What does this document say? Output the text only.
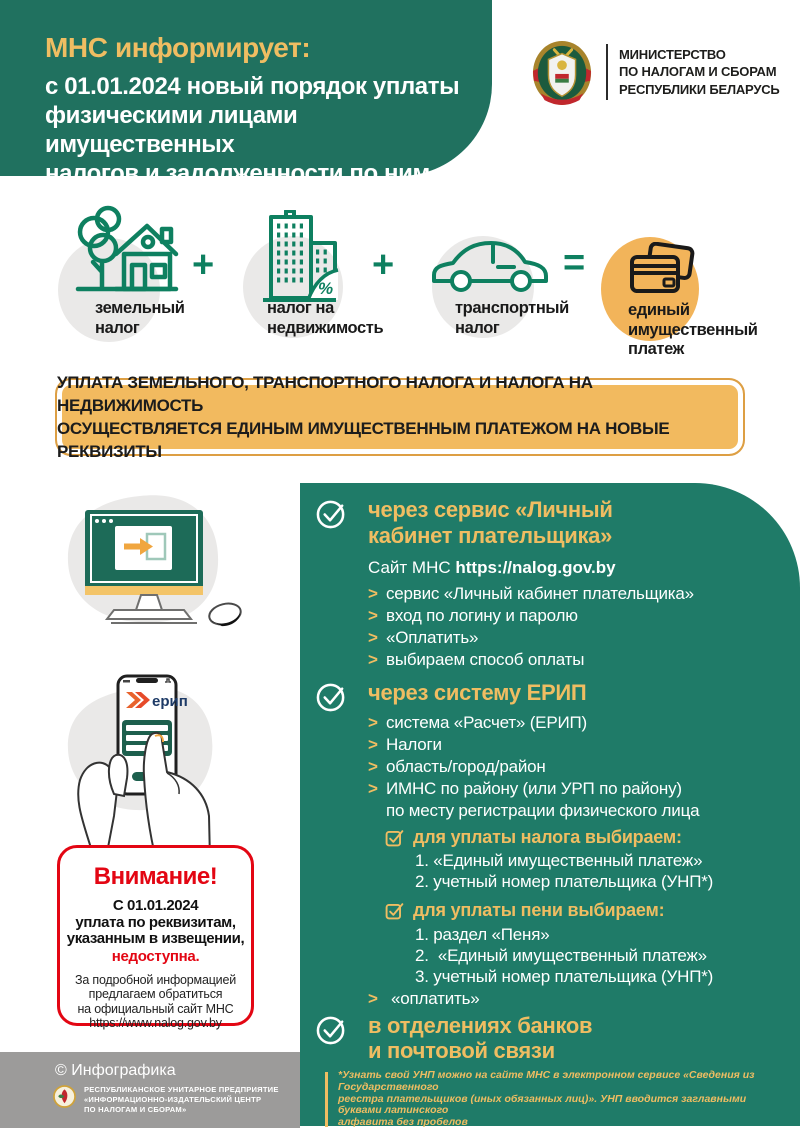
МНС информирует:
с 01.01.2024 новый порядок уплаты
физическими лицами имущественных
налогов и задолженности по ним
МИНИСТЕРСТВО
ПО НАЛОГАМ И СБОРАМ
РЕСПУБЛИКИ БЕЛАРУСЬ
%
земельный
налог
налог на
недвижимость
транспортный
налог
единый
имущественный
платеж
+	+	=
УПЛАТА ЗЕМЕЛЬНОГО, ТРАНСПОРТНОГО НАЛОГА И НАЛОГА НА НЕДВИЖИМОСТЬ
ОСУЩЕСТВЛЯЕТСЯ ЕДИНЫМ ИМУЩЕСТВЕННЫМ ПЛАТЕЖОМ НА НОВЫЕ РЕКВИЗИТЫ
ерип
Внимание!
С 01.01.2024
уплата по реквизитам,
указанным в извещении,
недоступна.
За подробной информацией
предлагаем обратиться
на официальный сайт МНС
https://www.nalog.gov.by
через сервис «Личный
кабинет плательщика»
Сайт МНС https://nalog.gov.by
> сервис «Личный кабинет плательщика»
> вход по логину и паролю
> «Оплатить»
> выбираем способ оплаты
через систему ЕРИП
> система «Расчет» (ЕРИП)
> Налоги
> область/город/район
> ИМНС по району (или УРП по району)
по месту регистрации физического лица
для уплаты налога выбираем:
1. «Единый имущественный платеж»
2. учетный номер плательщика (УНП*)
для уплаты пени выбираем:
1. раздел «Пеня»
2.  «Единый имущественный платеж»
3. учетный номер плательщика (УНП*)
> «оплатить»
в отделениях банков
и почтовой связи
*Узнать свой УНП можно на сайте МНС в электронном сервисе «Сведения из Государственного
реестра плательщиков (иных обязанных лиц)». УНП вводится заглавными буквами латинского
алфавита без пробелов
© Инфографика
РЕСПУБЛИКАНСКОЕ УНИТАРНОЕ ПРЕДПРИЯТИЕ
«ИНФОРМАЦИОННО-ИЗДАТЕЛЬСКИЙ ЦЕНТР
ПО НАЛОГАМ И СБОРАМ»
